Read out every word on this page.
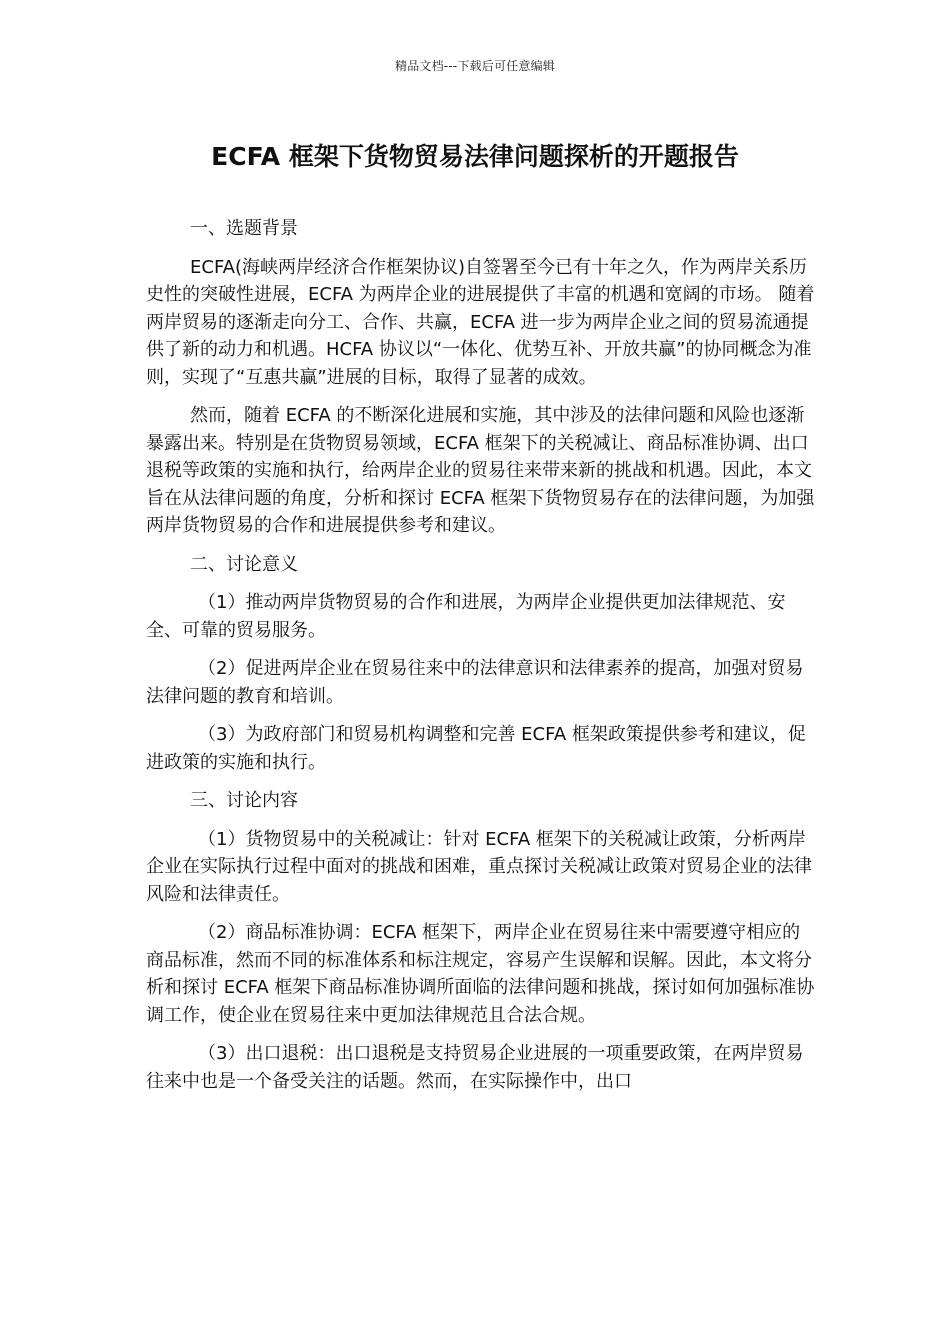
精品文档---下载后可任意编辑
ECFA 框架下货物贸易法律问题探析的开题报告

一、选题背景

ECFA(海峡两岸经济合作框架协议)自签署至今已有十年之久，作为两岸关系历史性的突破性进展，ECFA 为两岸企业的进展提供了丰富的机遇和宽阔的市场。 随着两岸贸易的逐渐走向分工、合作、共赢，ECFA 进一步为两岸企业之间的贸易流通提供了新的动力和机遇。HCFA 协议以“一体化、优势互补、开放共赢”的协同概念为准则，实现了“互惠共赢”进展的目标，取得了显著的成效。

然而，随着 ECFA 的不断深化进展和实施，其中涉及的法律问题和风险也逐渐暴露出来。特别是在货物贸易领域，ECFA 框架下的关税减让、商品标准协调、出口退税等政策的实施和执行，给两岸企业的贸易往来带来新的挑战和机遇。因此，本文旨在从法律问题的角度，分析和探讨 ECFA 框架下货物贸易存在的法律问题，为加强两岸货物贸易的合作和进展提供参考和建议。

二、讨论意义

（1）推动两岸货物贸易的合作和进展，为两岸企业提供更加法律规范、安全、可靠的贸易服务。

（2）促进两岸企业在贸易往来中的法律意识和法律素养的提高，加强对贸易法律问题的教育和培训。

（3）为政府部门和贸易机构调整和完善 ECFA 框架政策提供参考和建议，促进政策的实施和执行。

三、讨论内容

（1）货物贸易中的关税减让：针对 ECFA 框架下的关税减让政策，分析两岸企业在实际执行过程中面对的挑战和困难，重点探讨关税减让政策对贸易企业的法律风险和法律责任。

（2）商品标准协调：ECFA 框架下，两岸企业在贸易往来中需要遵守相应的商品标准，然而不同的标准体系和标注规定，容易产生误解和误解。因此，本文将分析和探讨 ECFA 框架下商品标准协调所面临的法律问题和挑战，探讨如何加强标准协调工作，使企业在贸易往来中更加法律规范且合法合规。

（3）出口退税：出口退税是支持贸易企业进展的一项重要政策，在两岸贸易往来中也是一个备受关注的话题。然而，在实际操作中，出口
